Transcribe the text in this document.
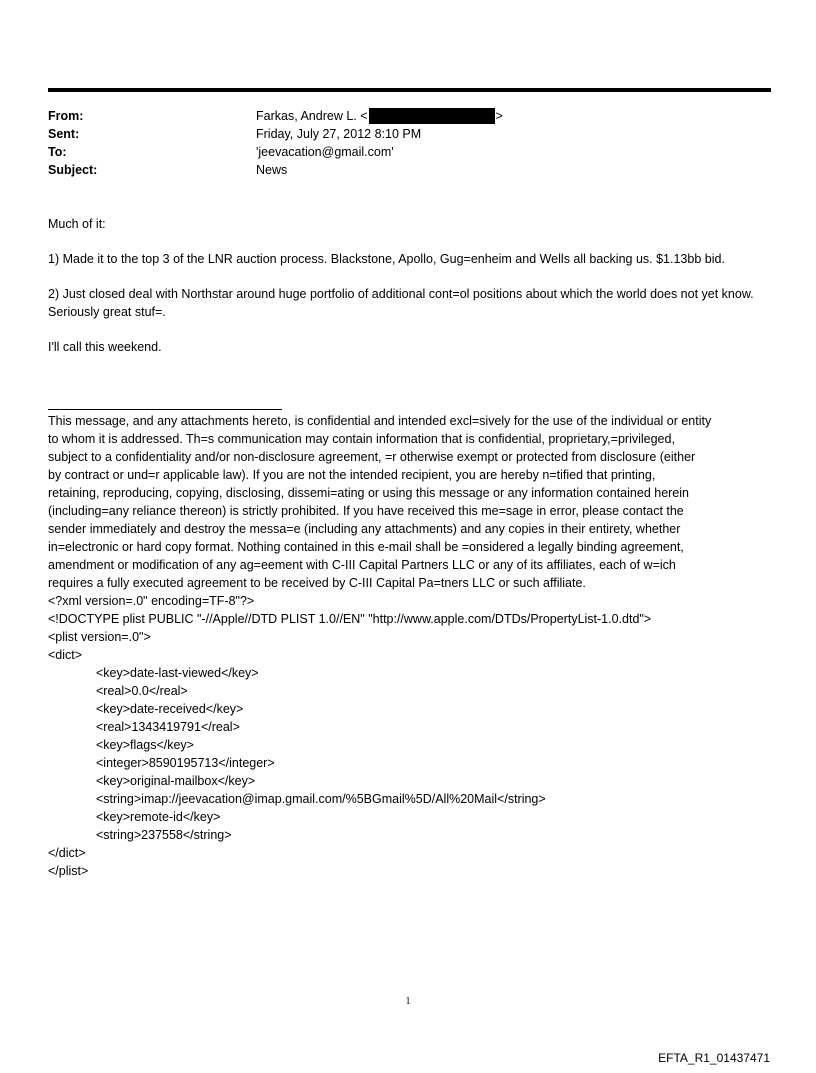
From:	Farkas, Andrew L. <	>
Sent:	Friday, July 27, 2012 8:10 PM
To:	'jeevacation@gmail.com'
Subject:	News

Much of it:

1) Made it to the top 3 of the LNR auction process. Blackstone, Apollo, Gug=enheim and Wells all backing us. $1.13bb bid.

2) Just closed deal with Northstar around huge portfolio of additional cont=ol positions about which the world does not yet know. Seriously great stuf=.

I'll call this weekend.

This message, and any attachments hereto, is confidential and intended excl=sively for the use of the individual or entity
to whom it is addressed. Th=s communication may contain information that is confidential, proprietary,=privileged,
subject to a confidentiality and/or non-disclosure agreement, =r otherwise exempt or protected from disclosure (either
by contract or und=r applicable law). If you are not the intended recipient, you are hereby n=tified that printing,
retaining, reproducing, copying, disclosing, dissemi=ating or using this message or any information contained herein
(including=any reliance thereon) is strictly prohibited. If you have received this me=sage in error, please contact the
sender immediately and destroy the messa=e (including any attachments) and any copies in their entirety, whether
in=electronic or hard copy format. Nothing contained in this e-mail shall be =onsidered a legally binding agreement,
amendment or modification of any ag=eement with C-III Capital Partners LLC or any of its affiliates, each of w=ich
requires a fully executed agreement to be received by C-III Capital Pa=tners LLC or such affiliate.
<?xml version=.0" encoding=TF-8"?>
<!DOCTYPE plist PUBLIC "-//Apple//DTD PLIST 1.0//EN" "http://www.apple.com/DTDs/PropertyList-1.0.dtd">
<plist version=.0">
<dict>
<key>date-last-viewed</key>
<real>0.0</real>
<key>date-received</key>
<real>1343419791</real>
<key>flags</key>
<integer>8590195713</integer>
<key>original-mailbox</key>
<string>imap://jeevacation@imap.gmail.com/%5BGmail%5D/All%20Mail</string>
<key>remote-id</key>
<string>237558</string>
</dict>
</plist>
1
EFTA_R1_01437471
